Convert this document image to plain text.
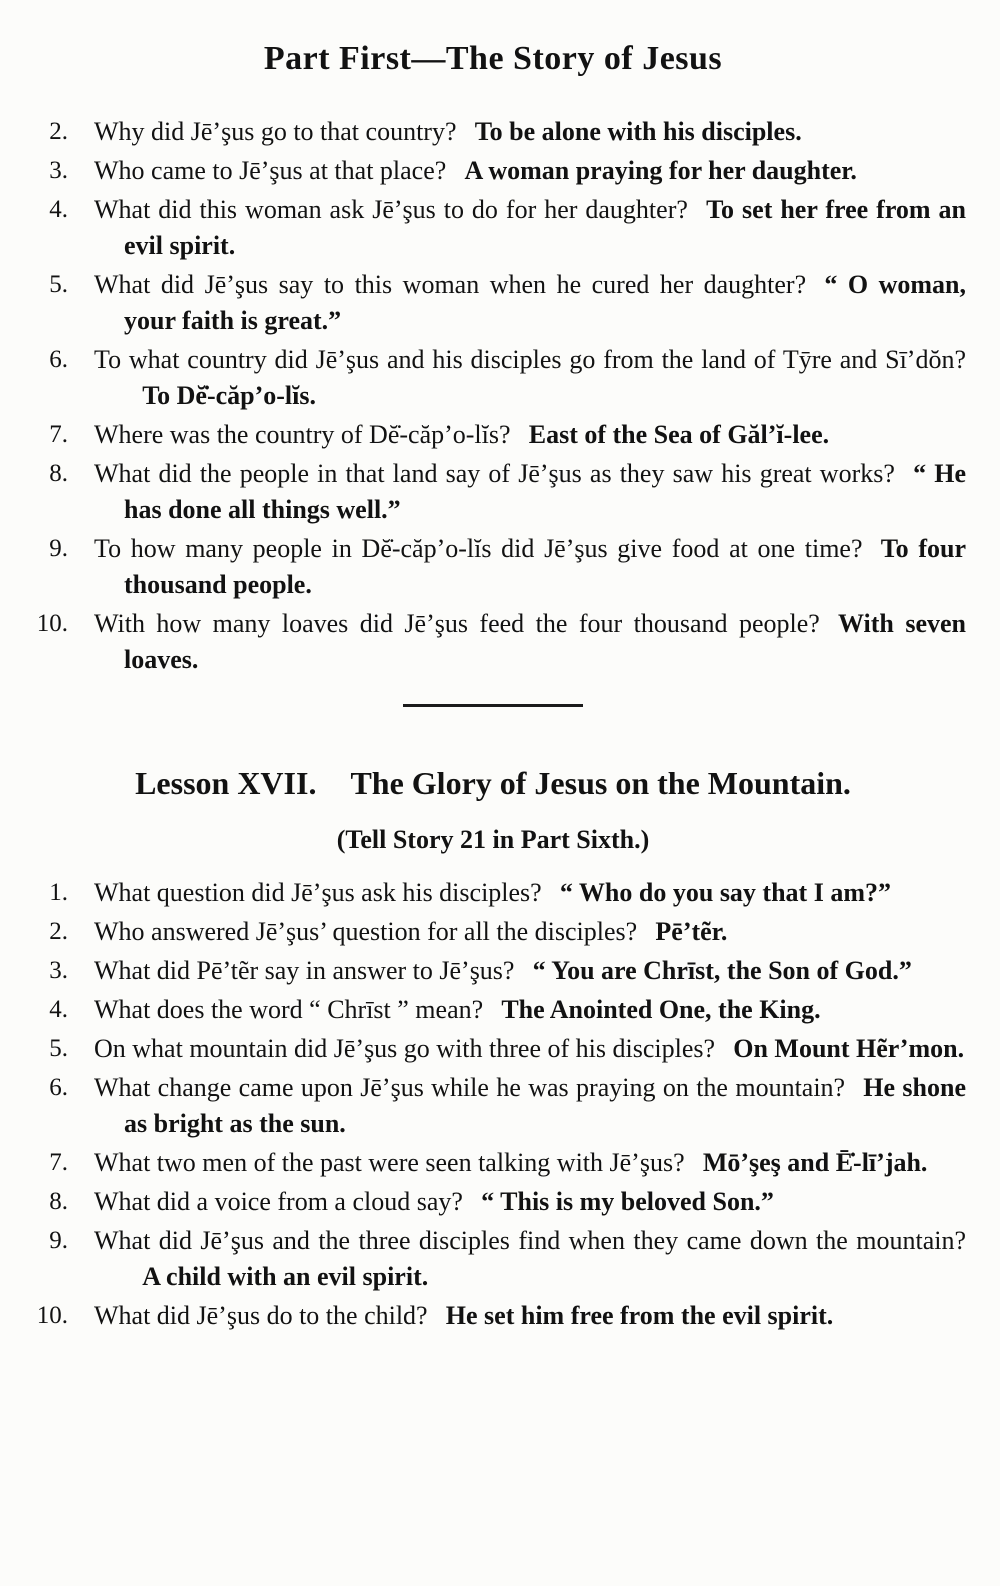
Part First—The Story of Jesus
2. Why did Jē’şus go to that country? To be alone with his disciples.

3. Who came to Jē’şus at that place? A woman praying for her daughter.

4. What did this woman ask Jē’şus to do for her daughter? To set her free from an evil spirit.

5. What did Jē’şus say to this woman when he cured her daughter? “ O woman, your faith is great.”

6. To what country did Jē’şus and his disciples go from the land of Tȳre and Sī’dŏn?To Dĕ̇-căp’o-lĭs.

7. Where was the country of Dĕ̇-căp’o-lĭs? East of the Sea of Găl’ĭ-lee.

8. What did the people in that land say of Jē’şus as they saw his great works? “ He has done all things well.”

9. To how many people in Dĕ̇-căp’o-lĭs did Jē’şus give food at one time? To four thousand people.

10. With how many loaves did Jē’şus feed the four thousand people? With seven loaves.

Lesson XVII. The Glory of Jesus on the Mountain.
(Tell Story 21 in Part Sixth.)
1. What question did Jē’şus ask his disciples? “ Who do you say that I am?”

2. Who answered Jē’şus’ question for all the disciples? Pē’tẽr.

3. What did Pē’tẽr say in answer to Jē’şus? “ You are Chrīst, the Son of God.”

4. What does the word “ Chrīst ” mean? The Anointed One, the King.

5. On what mountain did Jē’şus go with three of his disciples? On Mount Hẽr’mon.

6. What change came upon Jē’şus while he was praying on the mountain? He shone as bright as the sun.

7. What two men of the past were seen talking with Jē’şus? Mō’şeş and Ē̇-lī’jah.

8. What did a voice from a cloud say? “ This is my beloved Son.”

9. What did Jē’şus and the three disciples find when they came down the mountain?A child with an evil spirit.

10. What did Jē’şus do to the child? He set him free from the evil spirit.
